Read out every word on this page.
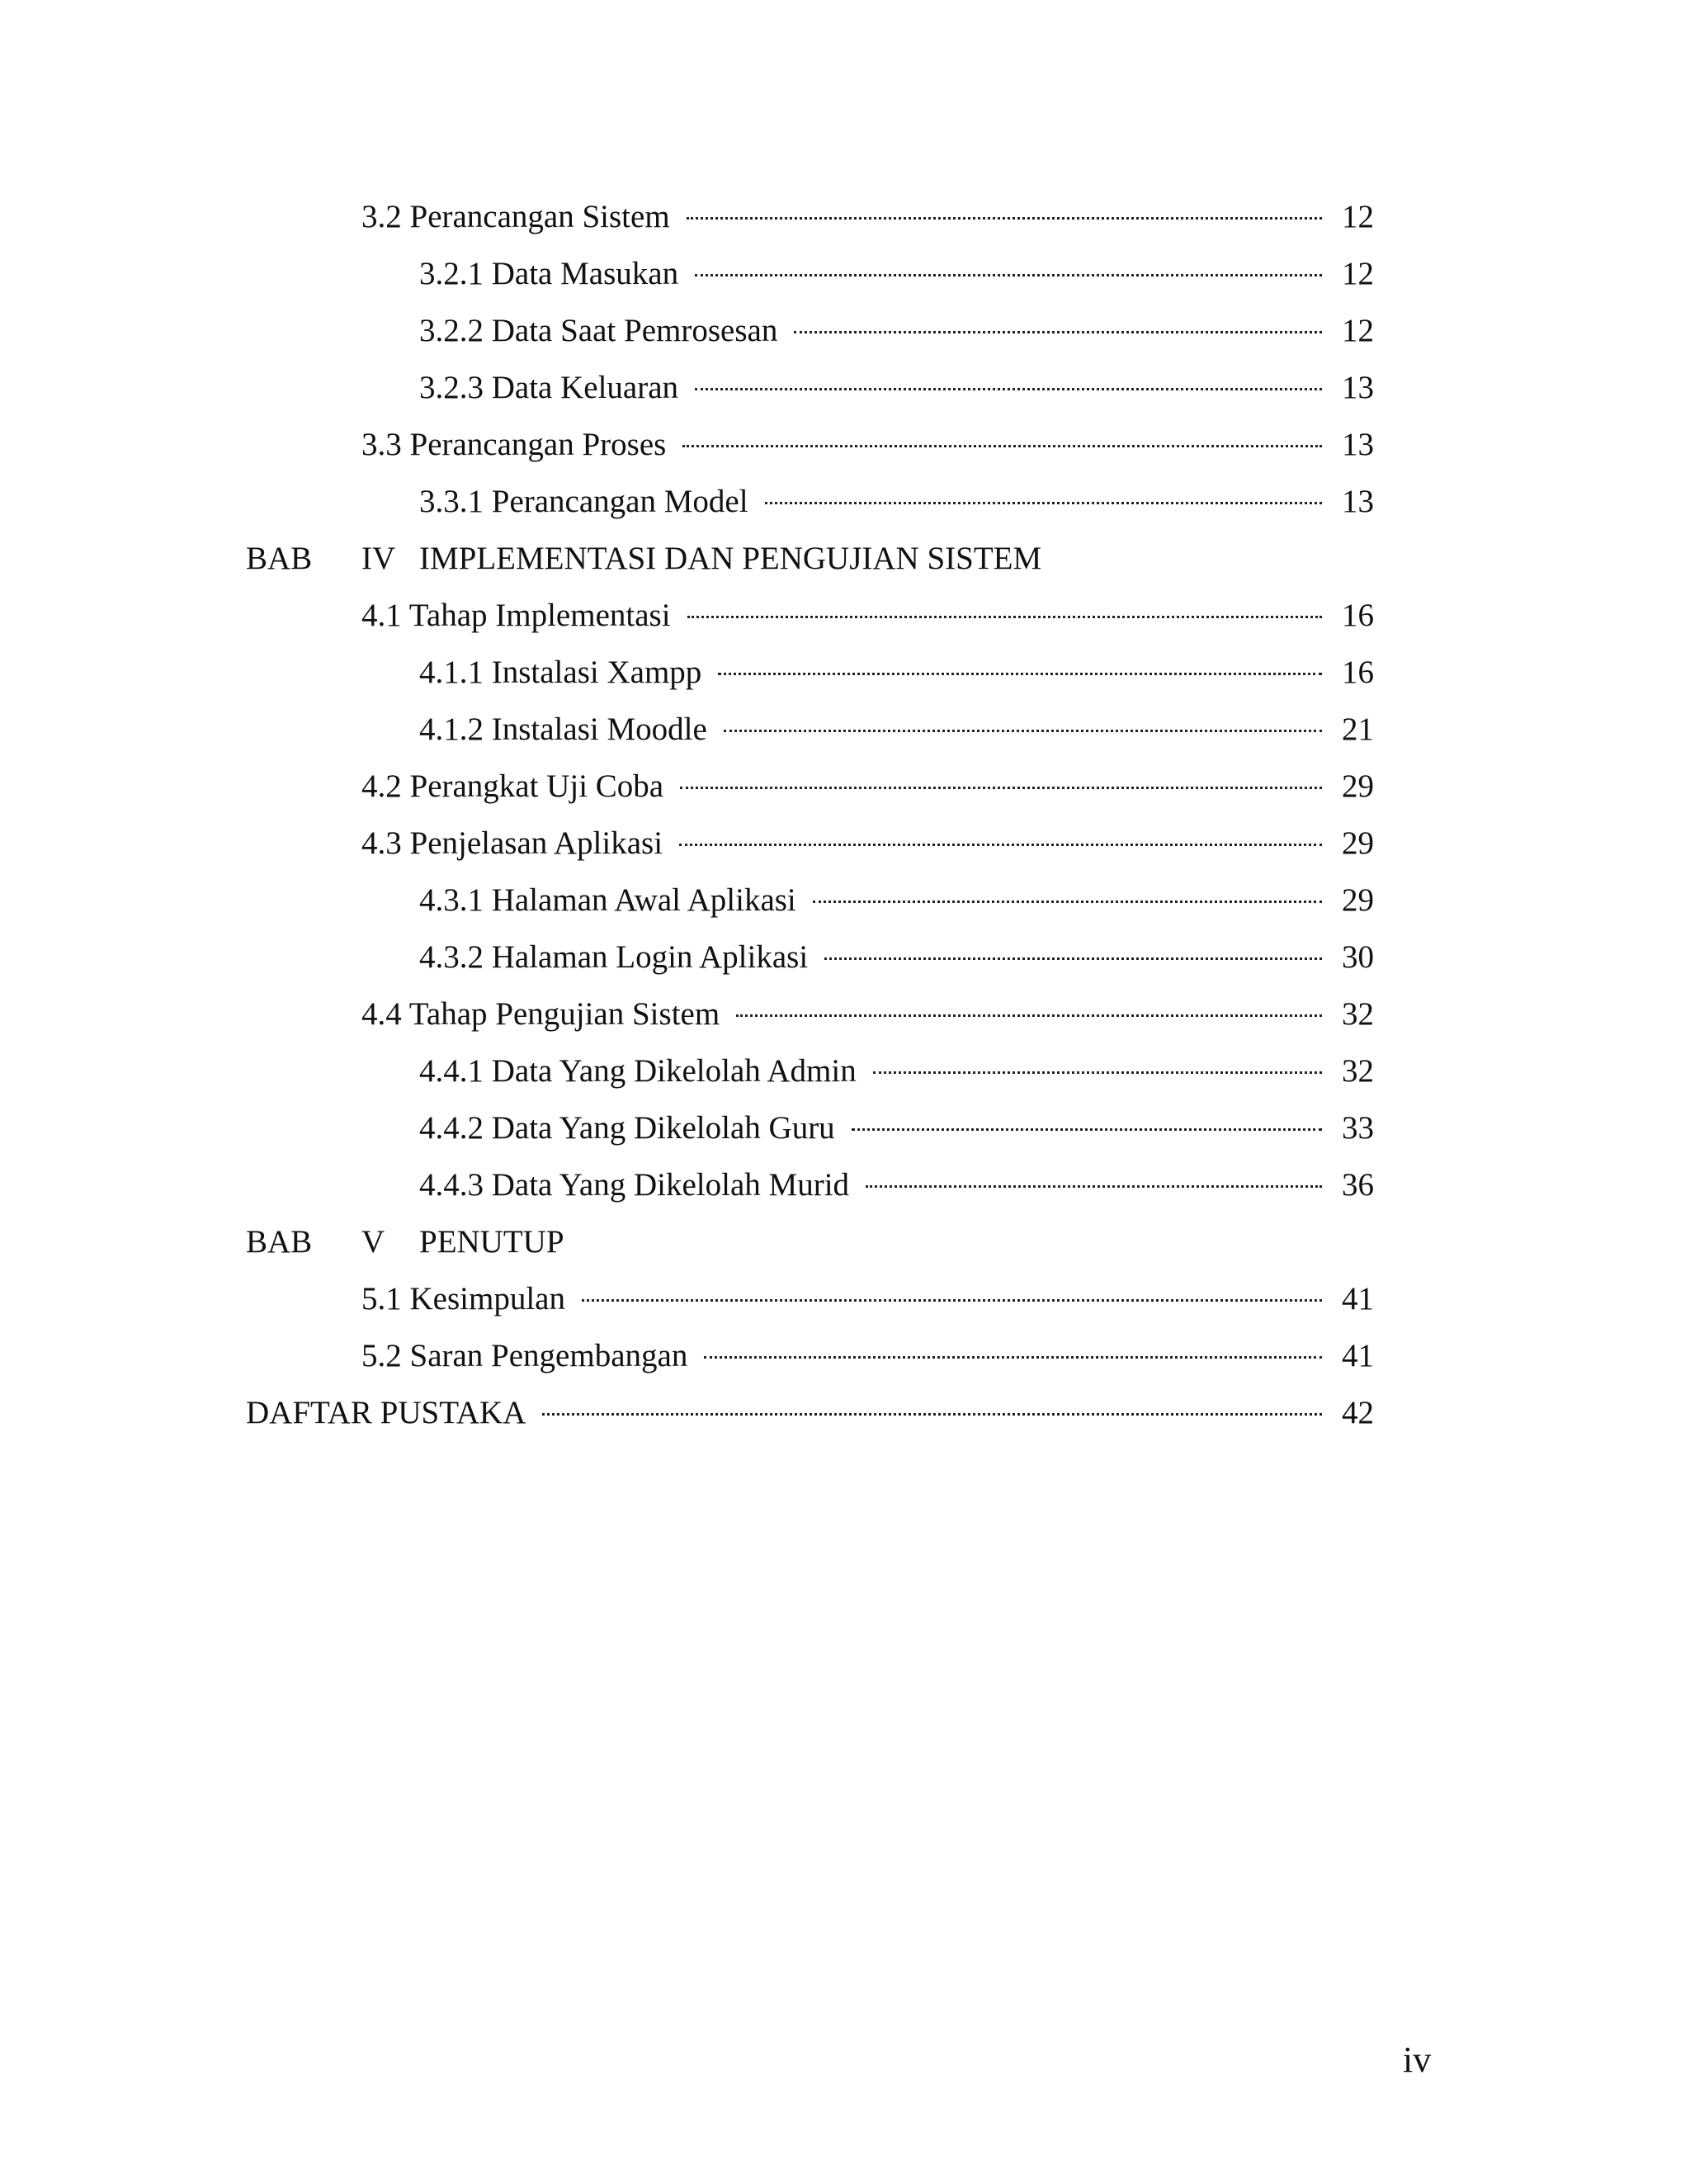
3.2 Perancangan Sistem	12
3.2.1 Data Masukan	12
3.2.2 Data Saat Pemrosesan	12
3.2.3 Data Keluaran	13
3.3 Perancangan Proses	13
3.3.1 Perancangan Model	13
BAB IV IMPLEMENTASI DAN PENGUJIAN SISTEM
4.1 Tahap Implementasi	16
4.1.1 Instalasi Xampp	16
4.1.2 Instalasi Moodle	21
4.2 Perangkat Uji Coba	29
4.3 Penjelasan Aplikasi	29
4.3.1 Halaman Awal Aplikasi	29
4.3.2 Halaman Login Aplikasi	30
4.4 Tahap Pengujian Sistem	32
4.4.1 Data Yang Dikelolah Admin	32
4.4.2 Data Yang Dikelolah Guru	33
4.4.3 Data Yang Dikelolah Murid	36
BAB V PENUTUP
5.1 Kesimpulan	41
5.2 Saran Pengembangan	41
DAFTAR PUSTAKA	42
iv
